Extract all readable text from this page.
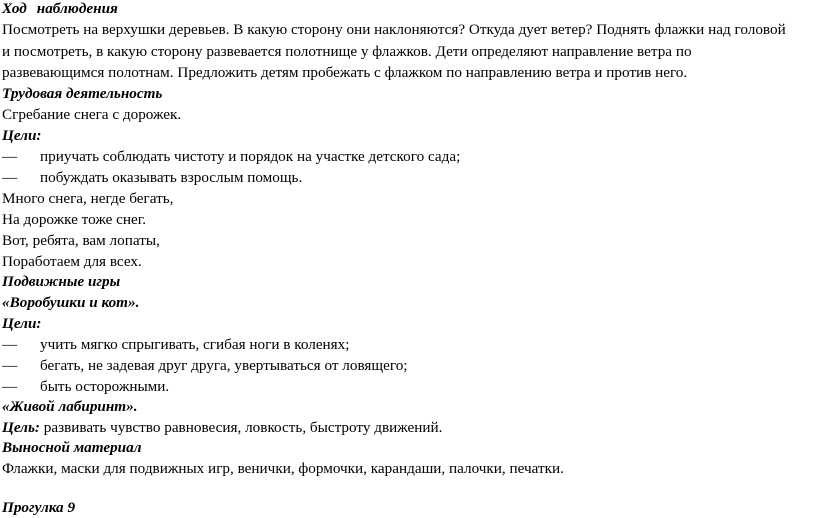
Ход наблюдения
Посмотреть на верхушки деревьев. В какую сторону они наклоняются? Откуда дует ветер? Поднять флажки над головой
и посмотреть, в какую сторону развевается полотнище у флажков. Дети определяют направление ветра по
развевающимся полотнам. Предложить детям пробежать с флажком по направлению ветра и против него.
Трудовая деятельность
Сгребание снега с дорожек.
Цели:
— приучать соблюдать чистоту и порядок на участке детского сада;
— побуждать оказывать взрослым помощь.
Много снега, негде бегать,
На дорожке тоже снег.
Вот, ребята, вам лопаты,
Поработаем для всех.
Подвижные игры
«Воробушки и кот».
Цели:
— учить мягко спрыгивать, сгибая ноги в коленях;
— бегать, не задевая друг друга, увертываться от ловящего;
— быть осторожными.
«Живой лабиринт».
Цель: развивать чувство равновесия, ловкость, быстроту движений.
Выносной материал
Флажки, маски для подвижных игр, венички, формочки, карандаши, палочки, печатки.
Прогулка 9
